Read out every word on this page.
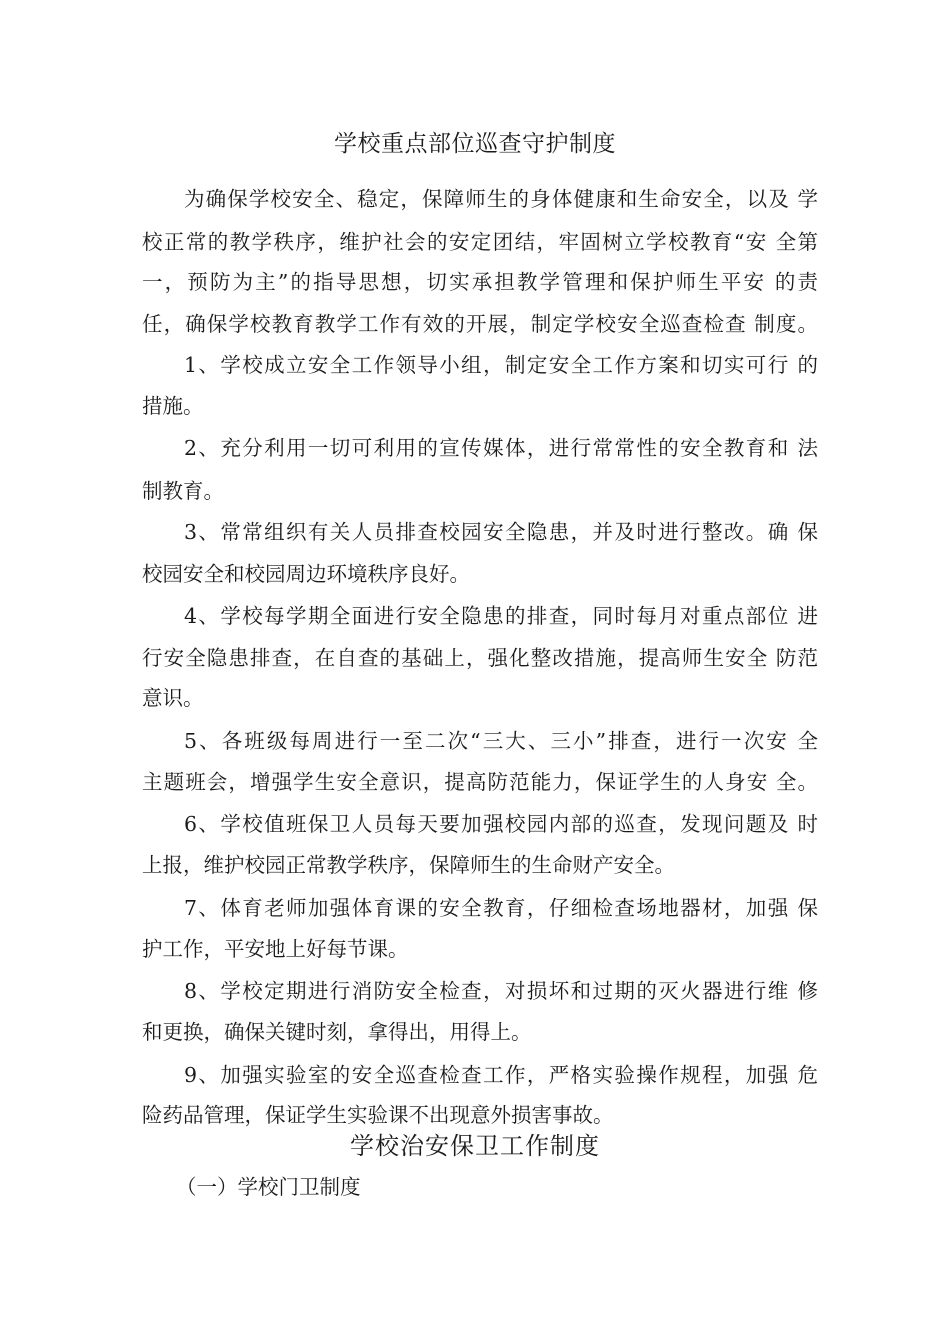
学校重点部位巡查守护制度
为确保学校安全、稳定，保障师生的身体健康和生命安全，以及 学
校正常的教学秩序，维护社会的安定团结，牢固树立学校教育“安 全第
一，预防为主”的指导思想，切实承担教学管理和保护师生平安 的责
任，确保学校教育教学工作有效的开展，制定学校安全巡查检查 制度。
1、学校成立安全工作领导小组，制定安全工作方案和切实可行 的
措施。
2、充分利用一切可利用的宣传媒体，进行常常性的安全教育和 法
制教育。
3、常常组织有关人员排查校园安全隐患，并及时进行整改。确 保
校园安全和校园周边环境秩序良好。
4、学校每学期全面进行安全隐患的排查，同时每月对重点部位 进
行安全隐患排查，在自查的基础上，强化整改措施，提高师生安全 防范
意识。
5、各班级每周进行一至二次“三大、三小”排查，进行一次安 全
主题班会，增强学生安全意识，提高防范能力，保证学生的人身安 全。
6、学校值班保卫人员每天要加强校园内部的巡查，发现问题及 时
上报，维护校园正常教学秩序，保障师生的生命财产安全。
7、体育老师加强体育课的安全教育，仔细检查场地器材，加强 保
护工作，平安地上好每节课。
8、学校定期进行消防安全检查，对损坏和过期的灭火器进行维 修
和更换，确保关键时刻，拿得出，用得上。
9、加强实验室的安全巡查检查工作，严格实验操作规程，加强 危
险药品管理，保证学生实验课不出现意外损害事故。
学校治安保卫工作制度
（一）学校门卫制度
